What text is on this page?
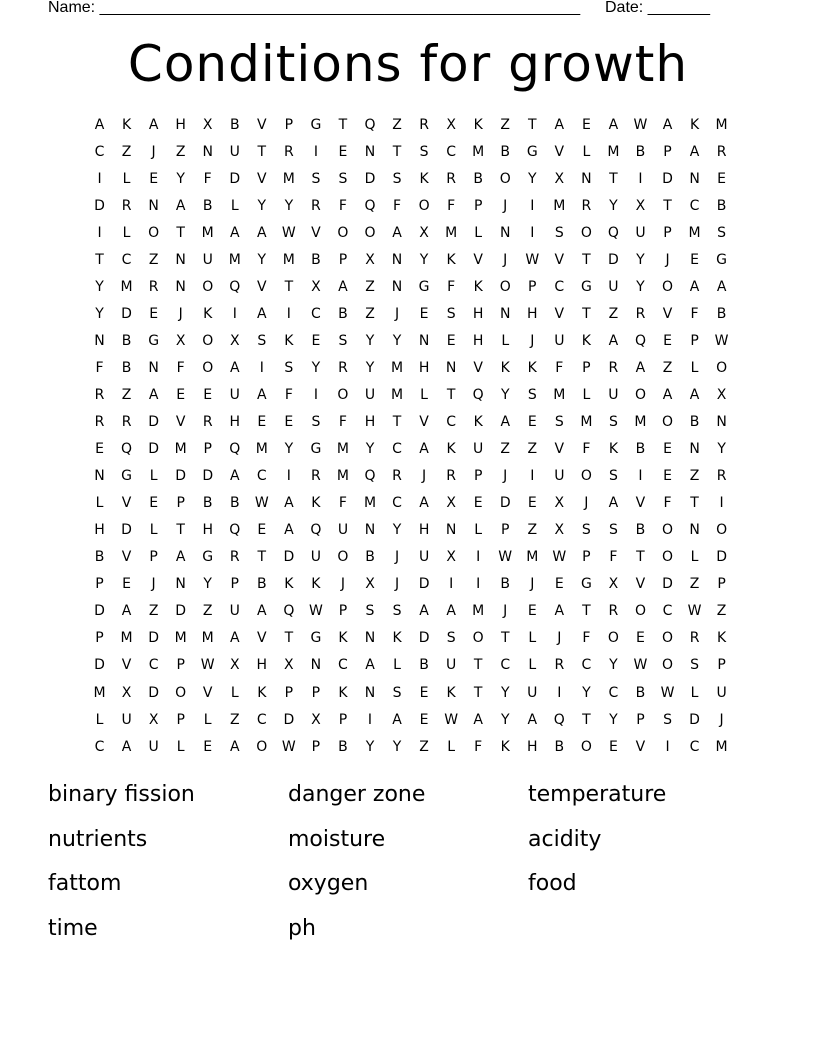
Name: ______________________________________________________ Date: _______
Conditions for growth
A	K	A	H	X	B	V	P	G	T	Q	Z	R	X	K	Z	T	A	E	A	W	A	K	M
C	Z	J	Z	N	U	T	R	I	E	N	T	S	C	M	B	G	V	L	M	B	P	A	R
I	L	E	Y	F	D	V	M	S	S	D	S	K	R	B	O	Y	X	N	T	I	D	N	E
D	R	N	A	B	L	Y	Y	R	F	Q	F	O	F	P	J	I	M	R	Y	X	T	C	B
I	L	O	T	M	A	A	W	V	O	O	A	X	M	L	N	I	S	O	Q	U	P	M	S
T	C	Z	N	U	M	Y	M	B	P	X	N	Y	K	V	J	W	V	T	D	Y	J	E	G
Y	M	R	N	O	Q	V	T	X	A	Z	N	G	F	K	O	P	C	G	U	Y	O	A	A
Y	D	E	J	K	I	A	I	C	B	Z	J	E	S	H	N	H	V	T	Z	R	V	F	B
N	B	G	X	O	X	S	K	E	S	Y	Y	N	E	H	L	J	U	K	A	Q	E	P	W
F	B	N	F	O	A	I	S	Y	R	Y	M	H	N	V	K	K	F	P	R	A	Z	L	O
R	Z	A	E	E	U	A	F	I	O	U	M	L	T	Q	Y	S	M	L	U	O	A	A	X
R	R	D	V	R	H	E	E	S	F	H	T	V	C	K	A	E	S	M	S	M	O	B	N
E	Q	D	M	P	Q	M	Y	G	M	Y	C	A	K	U	Z	Z	V	F	K	B	E	N	Y
N	G	L	D	D	A	C	I	R	M	Q	R	J	R	P	J	I	U	O	S	I	E	Z	R
L	V	E	P	B	B	W	A	K	F	M	C	A	X	E	D	E	X	J	A	V	F	T	I
H	D	L	T	H	Q	E	A	Q	U	N	Y	H	N	L	P	Z	X	S	S	B	O	N	O
B	V	P	A	G	R	T	D	U	O	B	J	U	X	I	W	M	W	P	F	T	O	L	D
P	E	J	N	Y	P	B	K	K	J	X	J	D	I	I	B	J	E	G	X	V	D	Z	P
D	A	Z	D	Z	U	A	Q	W	P	S	S	A	A	M	J	E	A	T	R	O	C	W	Z
P	M	D	M	M	A	V	T	G	K	N	K	D	S	O	T	L	J	F	O	E	O	R	K
D	V	C	P	W	X	H	X	N	C	A	L	B	U	T	C	L	R	C	Y	W	O	S	P
M	X	D	O	V	L	K	P	P	K	N	S	E	K	T	Y	U	I	Y	C	B	W	L	U
L	U	X	P	L	Z	C	D	X	P	I	A	E	W	A	Y	A	Q	T	Y	P	S	D	J
C	A	U	L	E	A	O	W	P	B	Y	Y	Z	L	F	K	H	B	O	E	V	I	C	M
binary fission	danger zone	temperature
nutrients	moisture	acidity
fattom	oxygen	food
time	ph
